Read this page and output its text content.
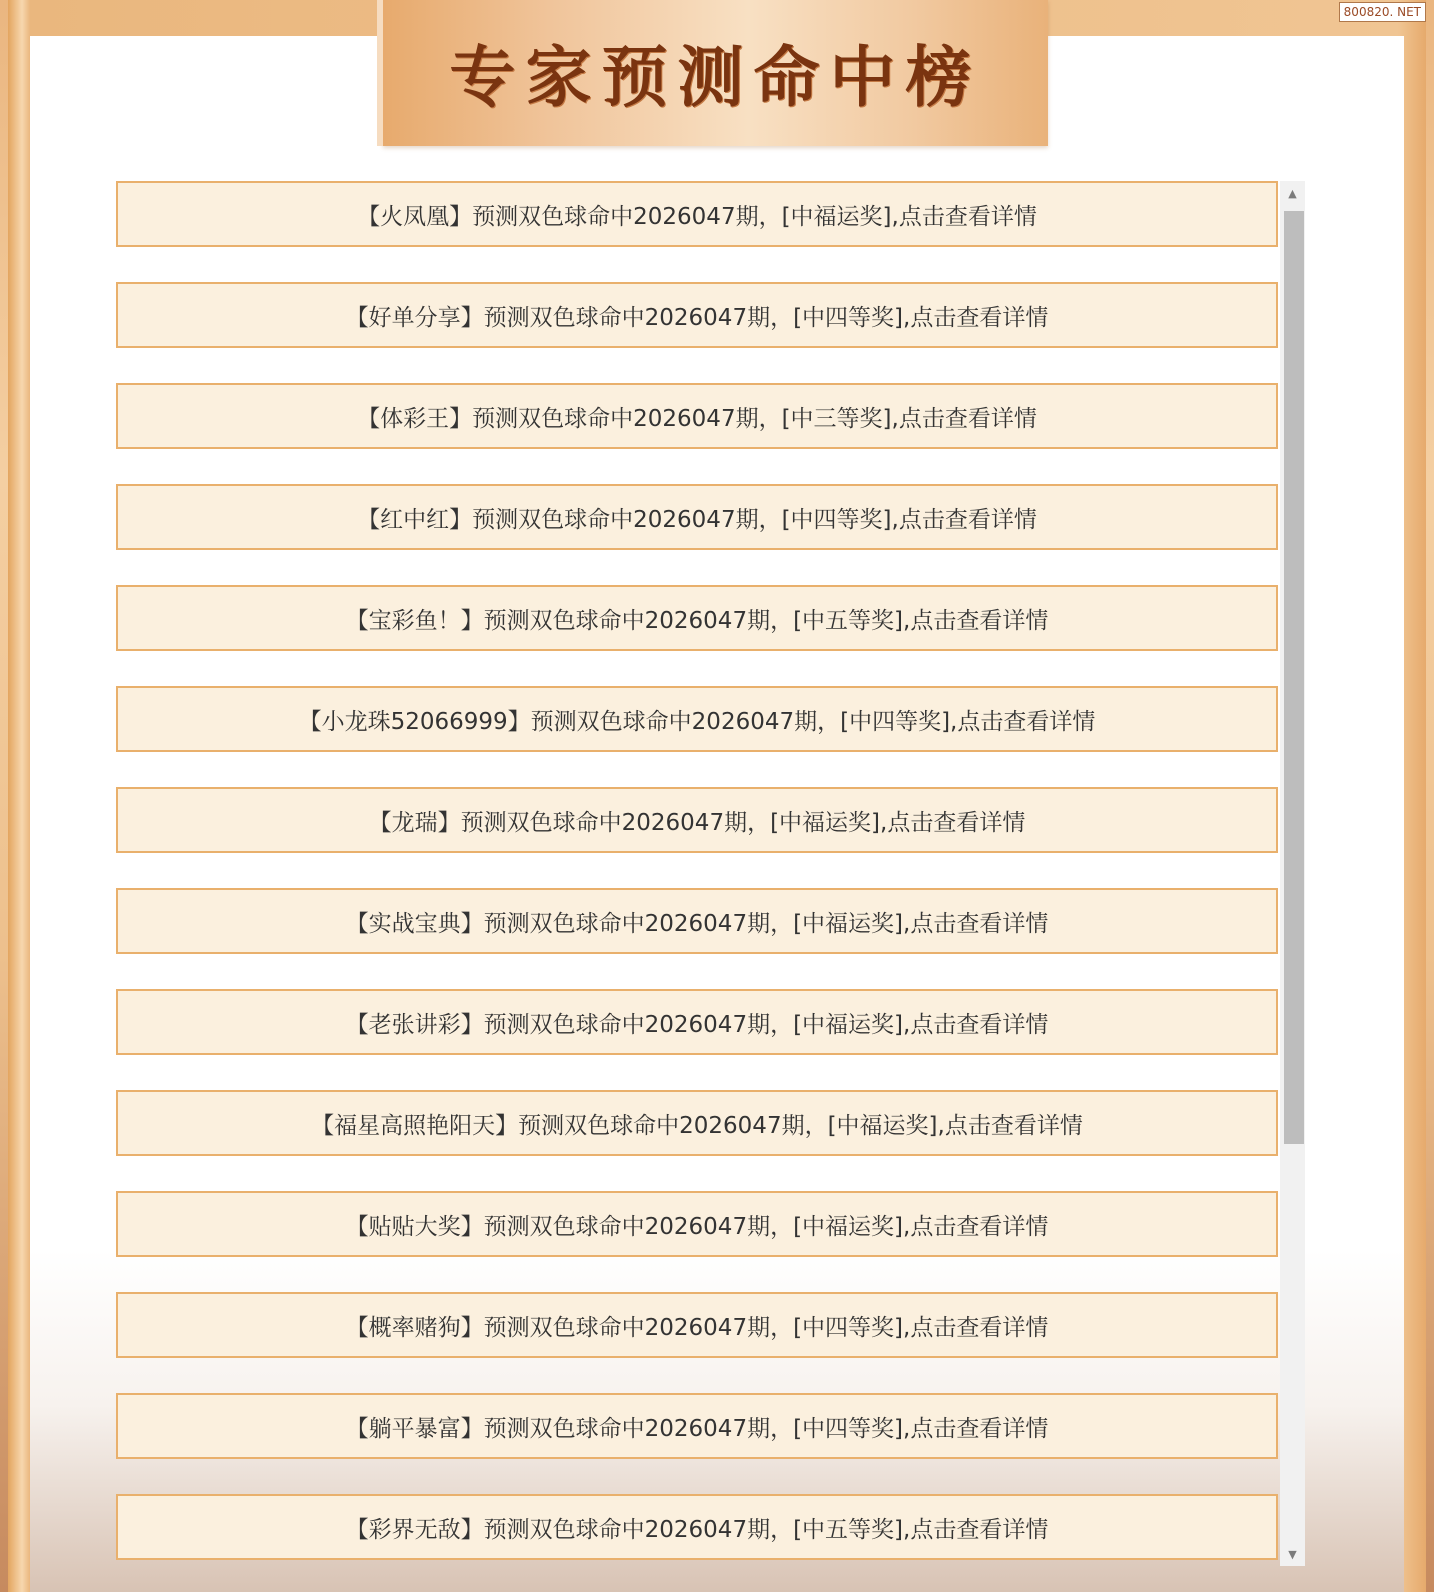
专家预测命中榜
800820. NET
【火凤凰】预测双色球命中2026047期，[中福运奖],点击查看详情
【好单分享】预测双色球命中2026047期，[中四等奖],点击查看详情
【体彩王】预测双色球命中2026047期，[中三等奖],点击查看详情
【红中红】预测双色球命中2026047期，[中四等奖],点击查看详情
【宝彩鱼！】预测双色球命中2026047期，[中五等奖],点击查看详情
【小龙珠52066999】预测双色球命中2026047期，[中四等奖],点击查看详情
【龙瑞】预测双色球命中2026047期，[中福运奖],点击查看详情
【实战宝典】预测双色球命中2026047期，[中福运奖],点击查看详情
【老张讲彩】预测双色球命中2026047期，[中福运奖],点击查看详情
【福星高照艳阳天】预测双色球命中2026047期，[中福运奖],点击查看详情
【贴贴大奖】预测双色球命中2026047期，[中福运奖],点击查看详情
【概率赌狗】预测双色球命中2026047期，[中四等奖],点击查看详情
【躺平暴富】预测双色球命中2026047期，[中四等奖],点击查看详情
【彩界无敌】预测双色球命中2026047期，[中五等奖],点击查看详情
▲
▼
